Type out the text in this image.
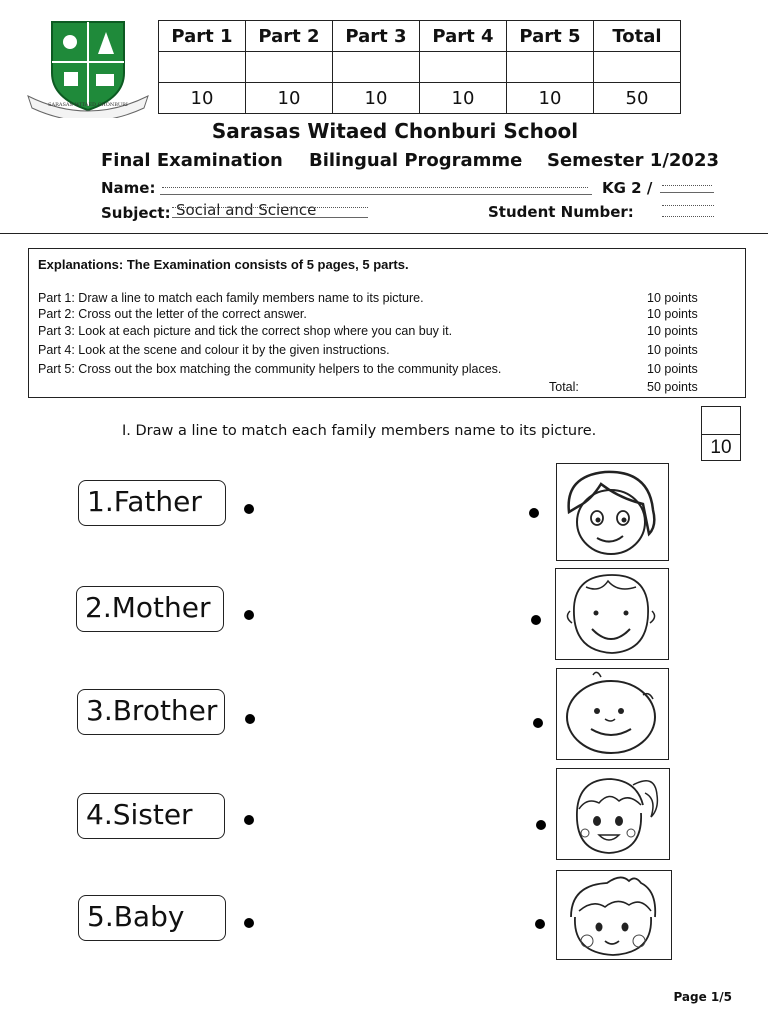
SARASAS WITAED CHONBURI
Part 1	Part 2	Part 3	Part 4	Part 5	Total

10	10	10	10	10	50
Sarasas Witaed Chonburi School
Final Examination Bilingual Programme Semester 1/2023
Name:	KG 2 /
Subject: Social and Science	Student Number:
Explanations: The Examination consists of 5 pages, 5 parts.
Part 1: Draw a line to match each family members name to its picture.	10 points
Part 2: Cross out the letter of the correct answer.	10 points
Part 3: Look at each picture and tick the correct shop where you can buy it.	10 points
Part 4: Look at the scene and colour it by the given instructions.	10 points
Part 5: Cross out the box matching the community helpers to the community places.	10 points
Total:	50 points
I. Draw a line to match each family members name to its picture.
10
1.Father
2.Mother
3.Brother
4.Sister
5.Baby
Page 1/5
